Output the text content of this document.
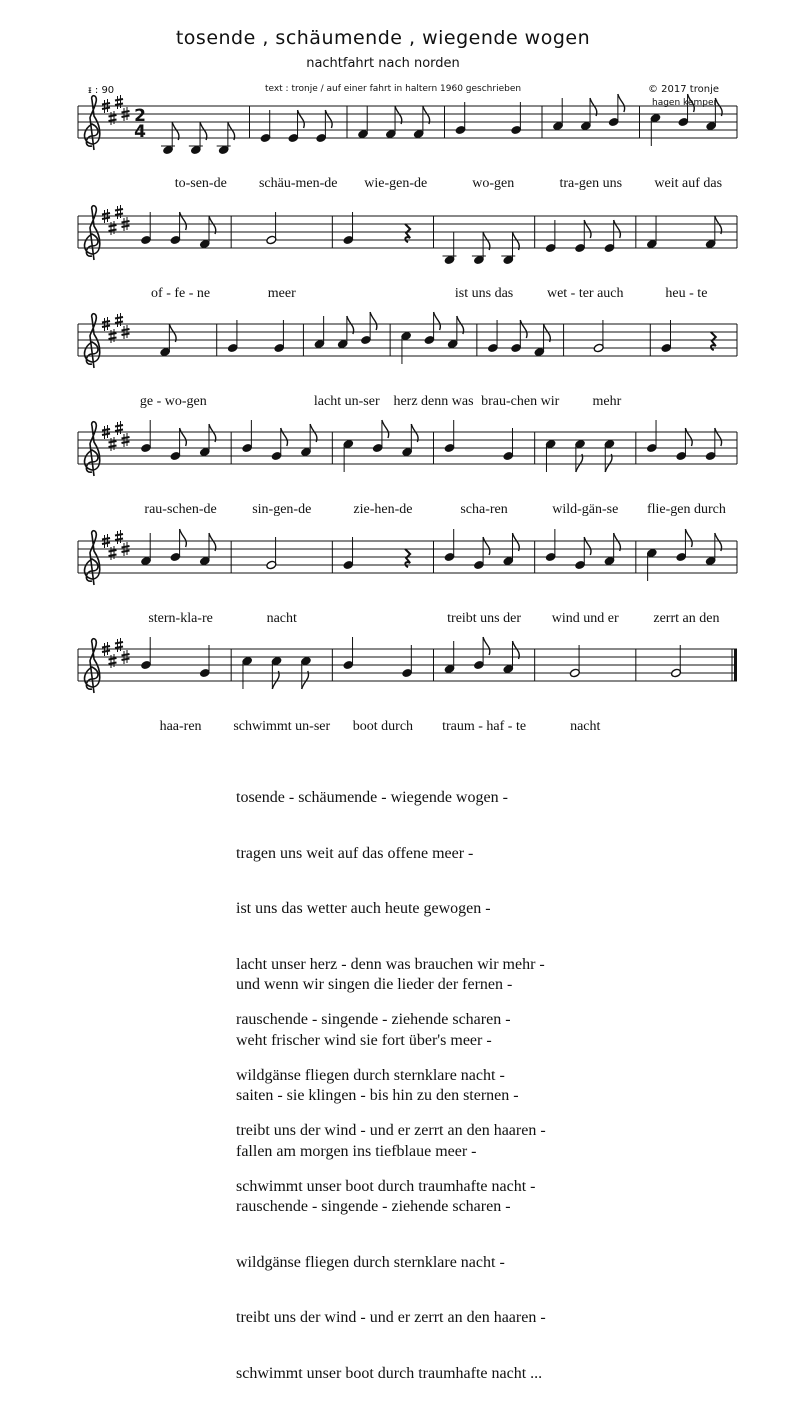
tosende , schäumende , wiegende wogen
nachtfahrt nach norden
ᵻ : 90	text : tronje / auf einer fahrt in haltern 1960 geschrieben	© 2017 tronje
hagen kemper
2
4
to-sen-de schäu-men-de wie-gen-de	wo-gen	tra-gen uns weit auf das
of - fe - ne	meer	ist uns das wet - ter auch	heu - te
ge - wo-gen	lacht un-ser herz denn was brau-chen wir mehr
rau-schen-de	sin-gen-de	zie-hen-de	scha-ren	wild-gän-se flie-gen durch
stern-kla-re	nacht	treibt uns der wind und er zerrt an den
haa-ren schwimmt un-ser boot durch traum - haf - te	nacht

tosende - schäumende - wiegende wogen -

tragen uns weit auf das offene meer -

ist uns das wetter auch heute gewogen -

lacht unser herz - denn was brauchen wir mehr -

rauschende - singende - ziehende scharen -

wildgänse fliegen durch sternklare nacht -

treibt uns der wind - und er zerrt an den haaren -

schwimmt unser boot durch traumhafte nacht -

und wenn wir singen die lieder der fernen -

weht frischer wind sie fort über's meer -

saiten - sie klingen - bis hin zu den sternen -

fallen am morgen ins tiefblaue meer -

rauschende - singende - ziehende scharen -

wildgänse fliegen durch sternklare nacht -

treibt uns der wind - und er zerrt an den haaren -

schwimmt unser boot durch traumhafte nacht ...
